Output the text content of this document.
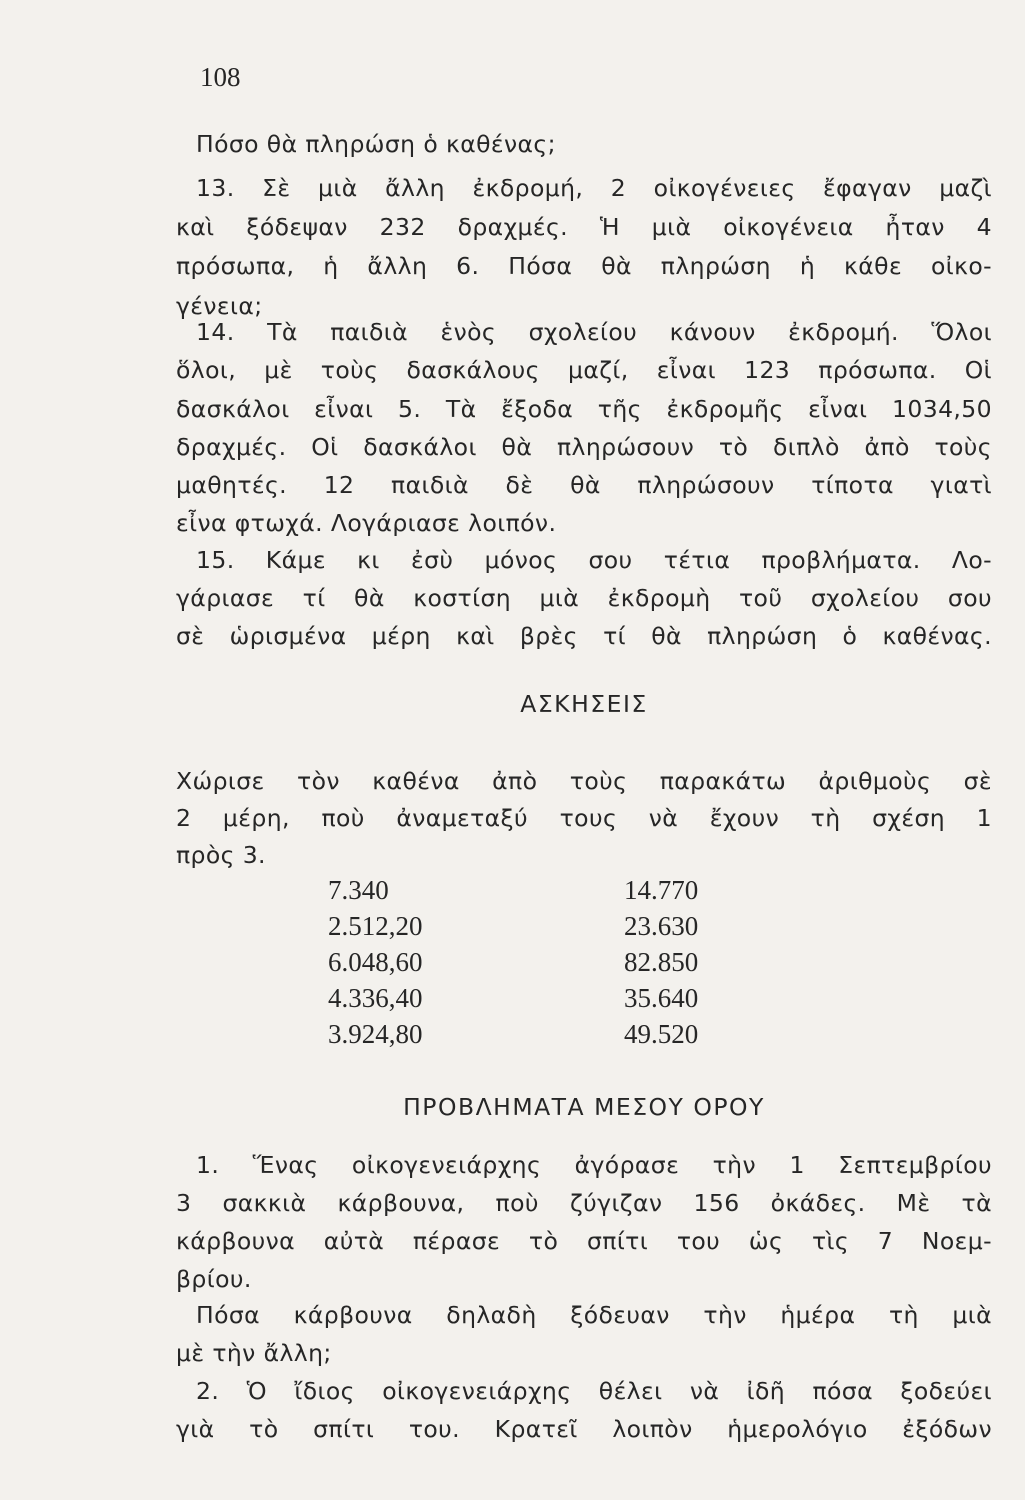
108
Πόσο θὰ πληρώση ὁ καθένας;
13. Σὲ μιὰ ἄλλη ἐκδρομή, 2 οἰκογένειες ἔφαγαν μαζὶ
καὶ ξόδεψαν 232 δραχμές. Ἡ μιὰ οἰκογένεια ἦταν 4
πρόσωπα, ἡ ἄλλη 6. Πόσα θὰ πληρώση ἡ κάθε οἰκο-
γένεια;
14. Τὰ παιδιὰ ἑνὸς σχολείου κάνουν ἐκδρομή. Ὅλοι
ὅλοι, μὲ τοὺς δασκάλους μαζί, εἶναι 123 πρόσωπα. Οἱ
δασκάλοι εἶναι 5. Τὰ ἔξοδα τῆς ἐκδρομῆς εἶναι 1034,50
δραχμές. Οἱ δασκάλοι θὰ πληρώσουν τὸ διπλὸ ἀπὸ τοὺς
μαθητές. 12 παιδιὰ δὲ θὰ πληρώσουν τίποτα γιατὶ
εἶνα φτωχά. Λογάριασε λοιπόν.
15. Κάμε κι ἐσὺ μόνος σου τέτια προβλήματα. Λο-
γάριασε τί θὰ κοστίση μιὰ ἐκδρομὴ τοῦ σχολείου σου
σὲ ὡρισμένα μέρη καὶ βρὲς τί θὰ πληρώση ὁ καθένας.
ΑΣΚΗΣΕΙΣ
Χώρισε τὸν καθένα ἀπὸ τοὺς παρακάτω ἀριθμοὺς σὲ
2 μέρη, ποὺ ἀναμεταξύ τους νὰ ἔχουν τὴ σχέση 1
πρὸς 3.
7.340
2.512,20
6.048,60
4.336,40
3.924,80
14.770
23.630
82.850
35.640
49.520
ΠΡΟΒΛΗΜΑΤΑ ΜΕΣΟΥ ΟΡΟΥ
1. Ἕνας οἰκογενειάρχης ἀγόρασε τὴν 1 Σεπτεμβρίου
3 σακκιὰ κάρβουνα, ποὺ ζύγιζαν 156 ὀκάδες. Μὲ τὰ
κάρβουνα αὐτὰ πέρασε τὸ σπίτι του ὡς τὶς 7 Νοεμ-
βρίου.
Πόσα κάρβουνα δηλαδὴ ξόδευαν τὴν ἡμέρα τὴ μιὰ
μὲ τὴν ἄλλη;
2. Ὁ ἴδιος οἰκογενειάρχης θέλει νὰ ἰδῆ πόσα ξοδεύει
γιὰ τὸ σπίτι του. Κρατεῖ λοιπὸν ἡμερολόγιο ἐξόδων
